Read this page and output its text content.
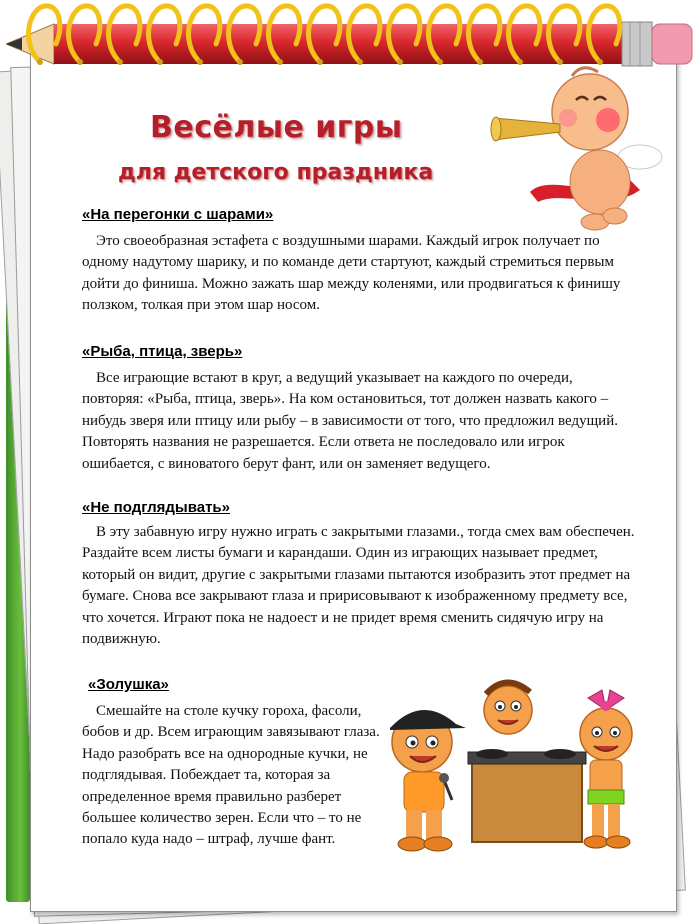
Весёлые игры
для детского праздника
«На перегонки с шарами»

Это своеобразная эстафета с воздушными шарами. Каждый игрок получает по одному надутому шарику, и по команде дети стартуют, каждый стремиться первым дойти до финиша. Можно зажать шар между коленями, или продвигаться к финишу ползком, толкая при этом шар носом.

«Рыба, птица, зверь»

Все играющие встают в круг, а ведущий указывает на каждого по очереди, повторяя: «Рыба, птица, зверь». На ком остановиться, тот должен назвать какого – нибудь зверя или птицу или рыбу – в зависимости от того, что предложил ведущий. Повторять названия не разрешается. Если ответа не последовало или игрок ошибается, с виноватого берут фант, или он заменяет ведущего.

«Не подглядывать»

В эту забавную игру нужно играть с закрытыми глазами., тогда смех вам обеспечен. Раздайте всем листы бумаги и карандаши. Один из играющих называет предмет, который он видит, другие с закрытыми глазами пытаются изобразить этот предмет на бумаге. Снова все закрывают глаза и пририсовывают к изображенному предмету все, что хочется. Играют пока не надоест и не придет время сменить сидячую игру на подвижную.

«Золушка»

Смешайте на столе кучку гороха, фасоли, бобов и др. Всем играющим завязывают глаза. Надо разобрать все на однородные кучки, не подглядывая. Побеждает та, которая за определенное время правильно разберет большее количество зерен. Если что – то не попало куда надо – штраф, лучше фант.
